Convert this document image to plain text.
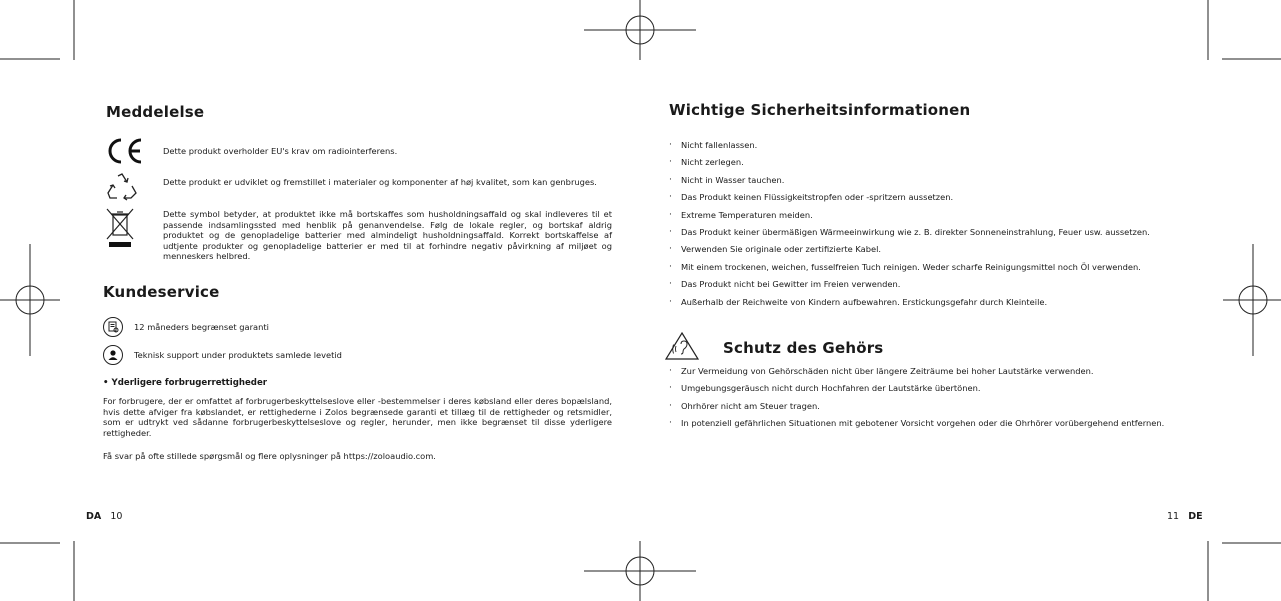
Meddelelse
Dette produkt overholder EU's krav om radiointerferens.
Dette produkt er udviklet og fremstillet i materialer og komponenter af høj kvalitet, som kan genbruges.
Dette symbol betyder, at produktet ikke må bortskaffes som husholdningsaffald og skal indleveres til et passende indsamlingssted med henblik på genanvendelse. Følg de lokale regler, og bortskaf aldrig produktet og de genopladelige batterier med almindeligt husholdningsaffald. Korrekt bortskaffelse af udtjente produkter og genopladelige batterier er med til at forhindre negativ påvirkning af miljøet og menneskers helbred.
Kundeservice
12 måneders begrænset garanti
Teknisk support under produktets samlede levetid
• Yderligere forbrugerrettigheder
For forbrugere, der er omfattet af forbrugerbeskyttelseslove eller -bestemmelser i deres købsland eller deres bopælsland, hvis dette afviger fra købslandet, er rettighederne i Zolos begrænsede garanti et tillæg til de rettigheder og retsmidler, som er udtrykt ved sådanne forbrugerbeskyttelseslove og regler, herunder, men ikke begrænset til disse yderligere rettigheder.
Få svar på ofte stillede spørgsmål og flere oplysninger på https://zoloaudio.com.
DA 10
Wichtige Sicherheitsinformationen
· Nicht fallenlassen.
· Nicht zerlegen.
· Nicht in Wasser tauchen.
· Das Produkt keinen Flüssigkeitstropfen oder -spritzern aussetzen.
· Extreme Temperaturen meiden.
· Das Produkt keiner übermäßigen Wärmeeinwirkung wie z. B. direkter Sonneneinstrahlung, Feuer usw. aussetzen.
· Verwenden Sie originale oder zertifizierte Kabel.
· Mit einem trockenen, weichen, fusselfreien Tuch reinigen. Weder scharfe Reinigungsmittel noch Öl verwenden.
· Das Produkt nicht bei Gewitter im Freien verwenden.
· Außerhalb der Reichweite von Kindern aufbewahren. Erstickungsgefahr durch Kleinteile.
Schutz des Gehörs
· Zur Vermeidung von Gehörschäden nicht über längere Zeiträume bei hoher Lautstärke verwenden.
· Umgebungsgeräusch nicht durch Hochfahren der Lautstärke übertönen.
· Ohrhörer nicht am Steuer tragen.
· In potenziell gefährlichen Situationen mit gebotener Vorsicht vorgehen oder die Ohrhörer vorübergehend entfernen.
11 DE
